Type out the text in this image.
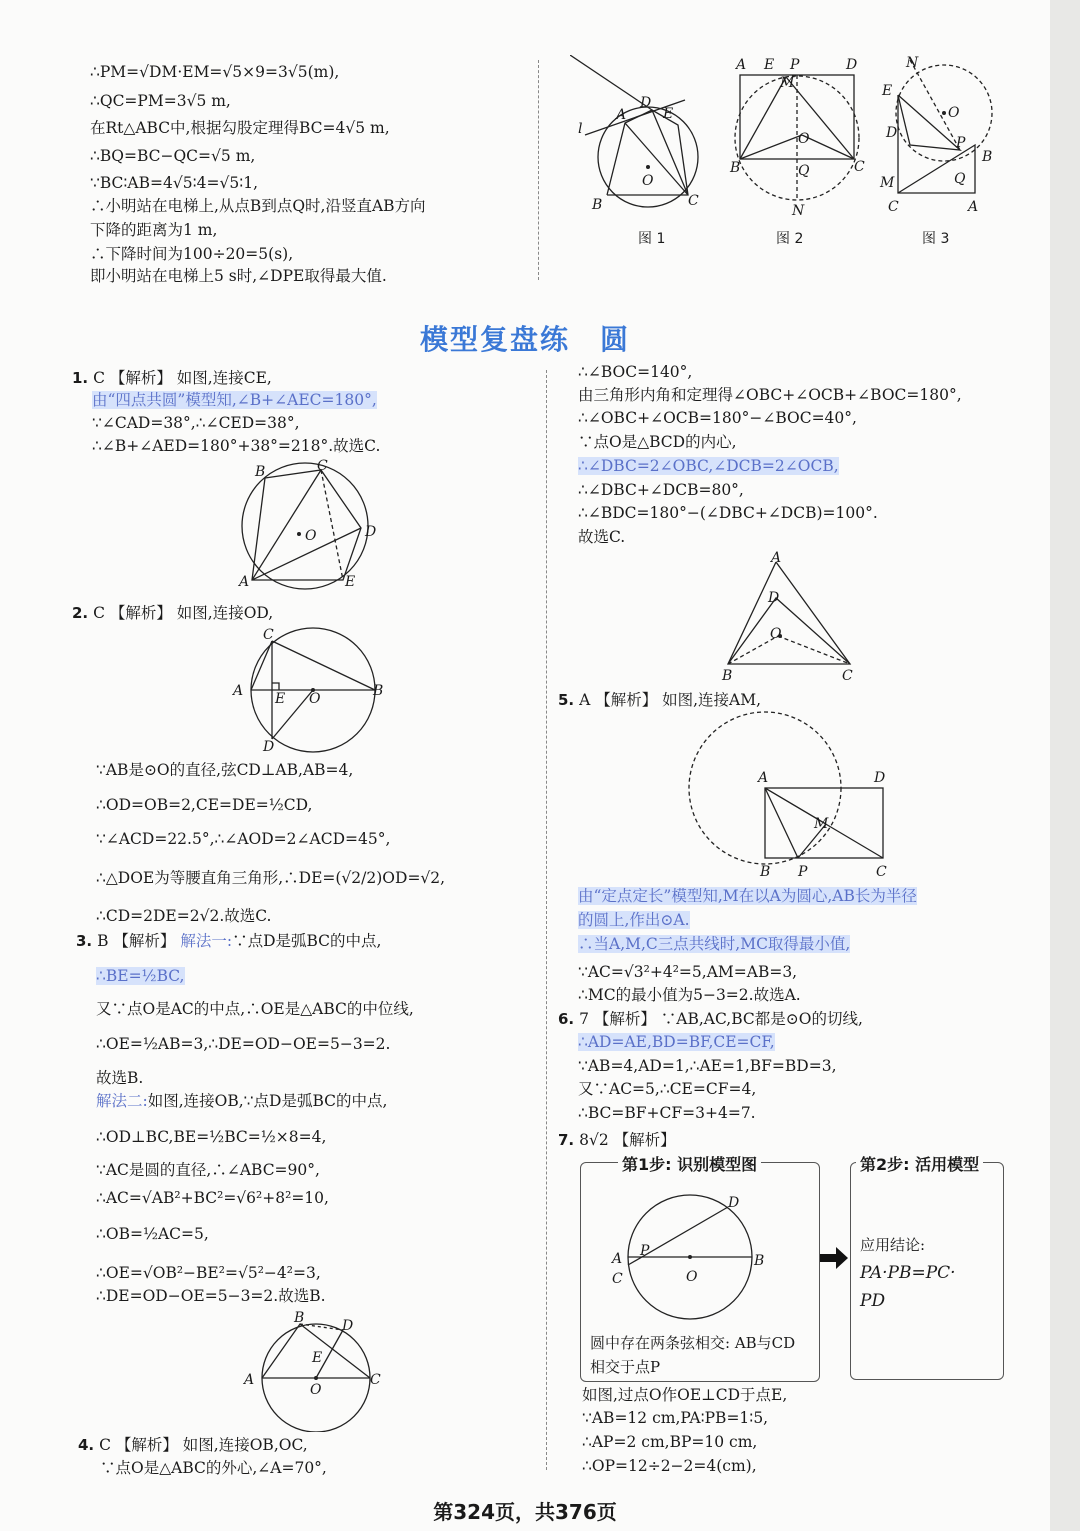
∴PM=√DM·EM=√5×9=3√5(m),
∴QC=PM=3√5 m,
在Rt△ABC中,根据勾股定理得BC=4√5 m,
∴BQ=BC−QC=√5 m,
∵BC∶AB=4√5∶4=√5∶1,
∴小明站在电梯上,从点B到点Q时,沿竖直AB方向
下降的距离为1 m,
∴下降时间为100÷20=5(s),
即小明站在电梯上5 s时,∠DPE取得最大值.
l
A
D
E
O
B	C
A E P	D
M
O
Q
B	C
N
N
E
O
D
P
B
M	Q
C	A
图 1	图 2	图 3
模型复盘练　圆
1. C 【解析】 如图,连接CE,
由“四点共圆”模型知,∠B+∠AEC=180°,
∵∠CAD=38°,∴∠CED=38°,
∴∠B+∠AED=180°+38°=218°.故选C.
B	C
O	D
A	E
2. C 【解析】 如图,连接OD,
C
A E O	B
D
∵AB是⊙O的直径,弦CD⊥AB,AB=4,
∴OD=OB=2,CE=DE=½CD,
∵∠ACD=22.5°,∴∠AOD=2∠ACD=45°,
∴△DOE为等腰直角三角形,∴DE=(√2/2)OD=√2,
∴CD=2DE=2√2.故选C.
3. B 【解析】 解法一:∵点D是弧BC的中点,
∴BE=½BC,
又∵点O是AC的中点,∴OE是△ABC的中位线,
∴OE=½AB=3,∴DE=OD−OE=5−3=2.
故选B.
解法二:如图,连接OB,∵点D是弧BC的中点,
∴OD⊥BC,BE=½BC=½×8=4,
∵AC是圆的直径,∴∠ABC=90°,
∴AC=√AB²+BC²=√6²+8²=10,
∴OB=½AC=5,
∴OE=√OB²−BE²=√5²−4²=3,
∴DE=OD−OE=5−3=2.故选B.
B	D
E
A
O
C
4. C 【解析】 如图,连接OB,OC,
∵点O是△ABC的外心,∠A=70°,
∴∠BOC=140°,
由三角形内角和定理得∠OBC+∠OCB+∠BOC=180°,
∴∠OBC+∠OCB=180°−∠BOC=40°,
∵点O是△BCD的内心,
∴∠DBC=2∠OBC,∠DCB=2∠OCB,
∴∠DBC+∠DCB=80°,
∴∠BDC=180°−(∠DBC+∠DCB)=100°.
故选C.
A
D
O
B	C
5. A 【解析】 如图,连接AM,
A	D
M
B P	C
由“定点定长”模型知,M在以A为圆心,AB长为半径
的圆上,作出⊙A.
∴当A,M,C三点共线时,MC取得最小值,
∵AC=√3²+4²=5,AM=AB=3,
∴MC的最小值为5−3=2.故选A.
6. 7 【解析】 ∵AB,AC,BC都是⊙O的切线,
∴AD=AE,BD=BF,CE=CF,
∵AB=4,AD=1,∴AE=1,BF=BD=3,
又∵AC=5,∴CE=CF=4,
∴BC=BF+CF=3+4=7.
7. 8√2 【解析】
第1步: 识别模型图
D
P
A
C	O
B
圆中存在两条弦相交: AB与CD
相交于点P
第2步: 活用模型
应用结论:
PA·PB=PC·
PD
如图,过点O作OE⊥CD于点E,
∵AB=12 cm,PA∶PB=1∶5,
∴AP=2 cm,BP=10 cm,
∴OP=12÷2−2=4(cm),
第324页，共376页
